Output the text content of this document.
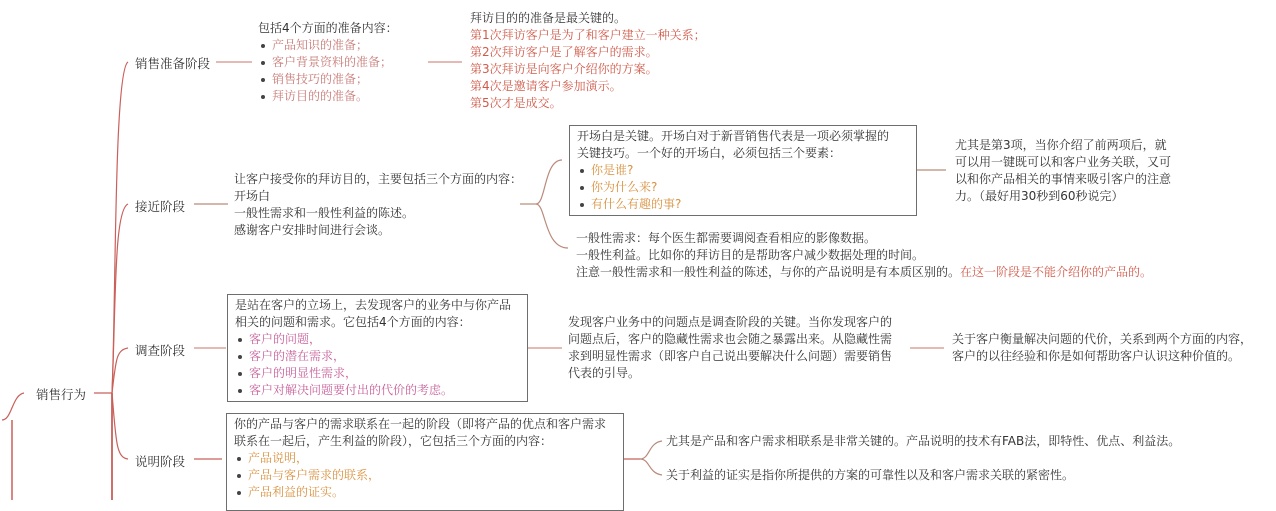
销售行为
销售准备阶段
包括4个方面的准备内容：
产品知识的准备；
客户背景资料的准备；
销售技巧的准备；
拜访目的的准备。
拜访目的的准备是最关键的。
第1次拜访客户是为了和客户建立一种关系；
第2次拜访客户是了解客户的需求。
第3次拜访是向客户介绍你的方案。
第4次是邀请客户参加演示。
第5次才是成交。
接近阶段
让客户接受你的拜访目的，主要包括三个方面的内容：
开场白
一般性需求和一般性利益的陈述。
感谢客户安排时间进行会谈。
开场白是关键。开场白对于新晋销售代表是一项必须掌握的
关键技巧。一个好的开场白，必须包括三个要素：
你是谁?
你为什么来?
有什么有趣的事?
尤其是第3项，当你介绍了前两项后，就
可以用一键既可以和客户业务关联，又可
以和你产品相关的事情来吸引客户的注意
力。（最好用30秒到60秒说完）
一般性需求：每个医生都需要调阅查看相应的影像数据。
一般性利益。比如你的拜访目的是帮助客户减少数据处理的时间。
注意一般性需求和一般性利益的陈述，与你的产品说明是有本质区别的。在这一阶段是不能介绍你的产品的。
调查阶段
是站在客户的立场上，去发现客户的业务中与你产品
相关的问题和需求。它包括4个方面的内容：
客户的问题，
客户的潜在需求，
客户的明显性需求，
客户对解决问题要付出的代价的考虑。
发现客户业务中的问题点是调查阶段的关键。当你发现客户的
问题点后，客户的隐藏性需求也会随之暴露出来。从隐藏性需
求到明显性需求（即客户自己说出要解决什么问题）需要销售
代表的引导。
关于客户衡量解决问题的代价，关系到两个方面的内容，
客户的以往经验和你是如何帮助客户认识这种价值的。
说明阶段
你的产品与客户的需求联系在一起的阶段（即将产品的优点和客户需求
联系在一起后，产生利益的阶段），它包括三个方面的内容：
产品说明，
产品与客户需求的联系，
产品利益的证实。
尤其是产品和客户需求相联系是非常关键的。产品说明的技术有FAB法，即特性、优点、利益法。
关于利益的证实是指你所提供的方案的可靠性以及和客户需求关联的紧密性。
